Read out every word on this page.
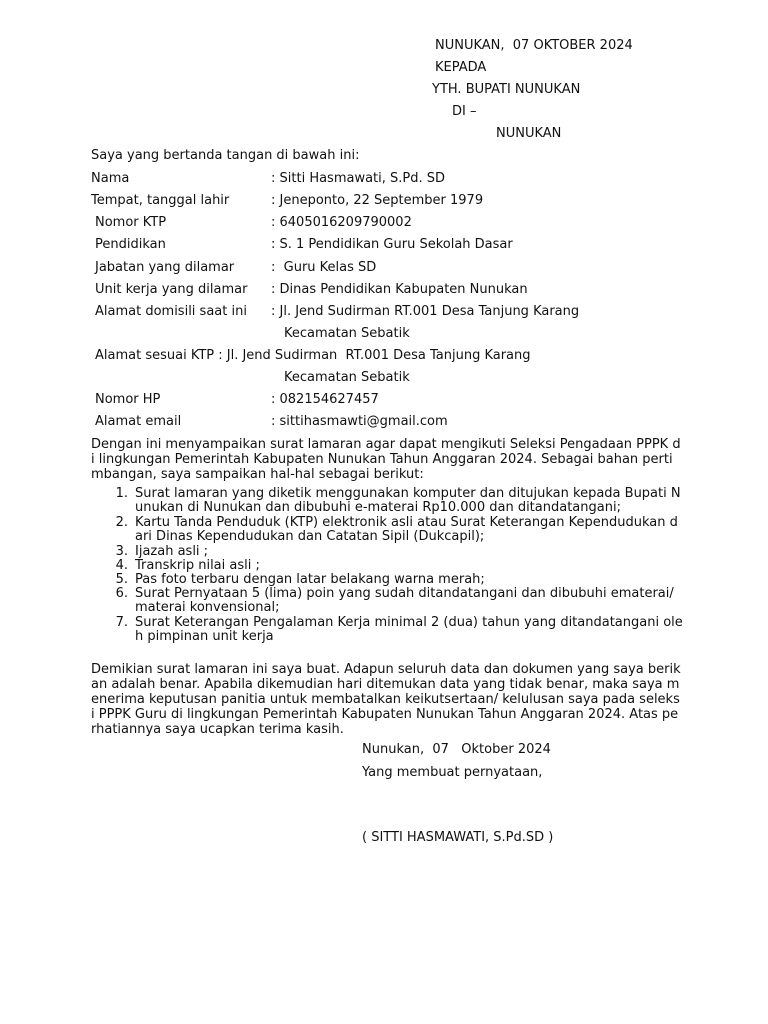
NUNUKAN,  07 OKTOBER 2024
KEPADA
YTH. BUPATI NUNUKAN
DI –
NUNUKAN
Saya yang bertanda tangan di bawah ini:
Nama	: Sitti Hasmawati, S.Pd. SD
Tempat, tanggal lahir	: Jeneponto, 22 September 1979
Nomor KTP	: 6405016209790002
Pendidikan	: S. 1 Pendidikan Guru Sekolah Dasar
Jabatan yang dilamar	:  Guru Kelas SD
Unit kerja yang dilamar : Dinas Pendidikan Kabupaten Nunukan
Alamat domisili saat ini : Jl. Jend Sudirman RT.001 Desa Tanjung Karang
Kecamatan Sebatik
Alamat sesuai KTP : Jl. Jend Sudirman  RT.001 Desa Tanjung Karang
Kecamatan Sebatik
Nomor HP	: 082154627457
Alamat email	: sittihasmawti@gmail.com
Dengan ini menyampaikan surat lamaran agar dapat mengikuti Seleksi Pengadaan PPPK di lingkungan Pemerintah Kabupaten Nunukan Tahun Anggaran 2024. Sebagai bahan pertimbangan, saya sampaikan hal-hal sebagai berikut:
1. Surat lamaran yang diketik menggunakan komputer dan ditujukan kepada Bupati Nunukan di Nunukan dan dibubuhi e-materai Rp10.000 dan ditandatangani;
2. Kartu Tanda Penduduk (KTP) elektronik asli atau Surat Keterangan Kependudukan dari Dinas Kependudukan dan Catatan Sipil (Dukcapil);
3. Ijazah asli ;
4. Transkrip nilai asli ;
5. Pas foto terbaru dengan latar belakang warna merah;
6. Surat Pernyataan 5 (lima) poin yang sudah ditandatangani dan dibubuhi ematerai/materai konvensional;
7. Surat Keterangan Pengalaman Kerja minimal 2 (dua) tahun yang ditandatangani oleh pimpinan unit kerja
Demikian surat lamaran ini saya buat. Adapun seluruh data dan dokumen yang saya berikan adalah benar. Apabila dikemudian hari ditemukan data yang tidak benar, maka saya menerima keputusan panitia untuk membatalkan keikutsertaan/ kelulusan saya pada seleksi PPPK Guru di lingkungan Pemerintah Kabupaten Nunukan Tahun Anggaran 2024. Atas perhatiannya saya ucapkan terima kasih.
Nunukan,  07   Oktober 2024
Yang membuat pernyataan,
( SITTI HASMAWATI, S.Pd.SD )
